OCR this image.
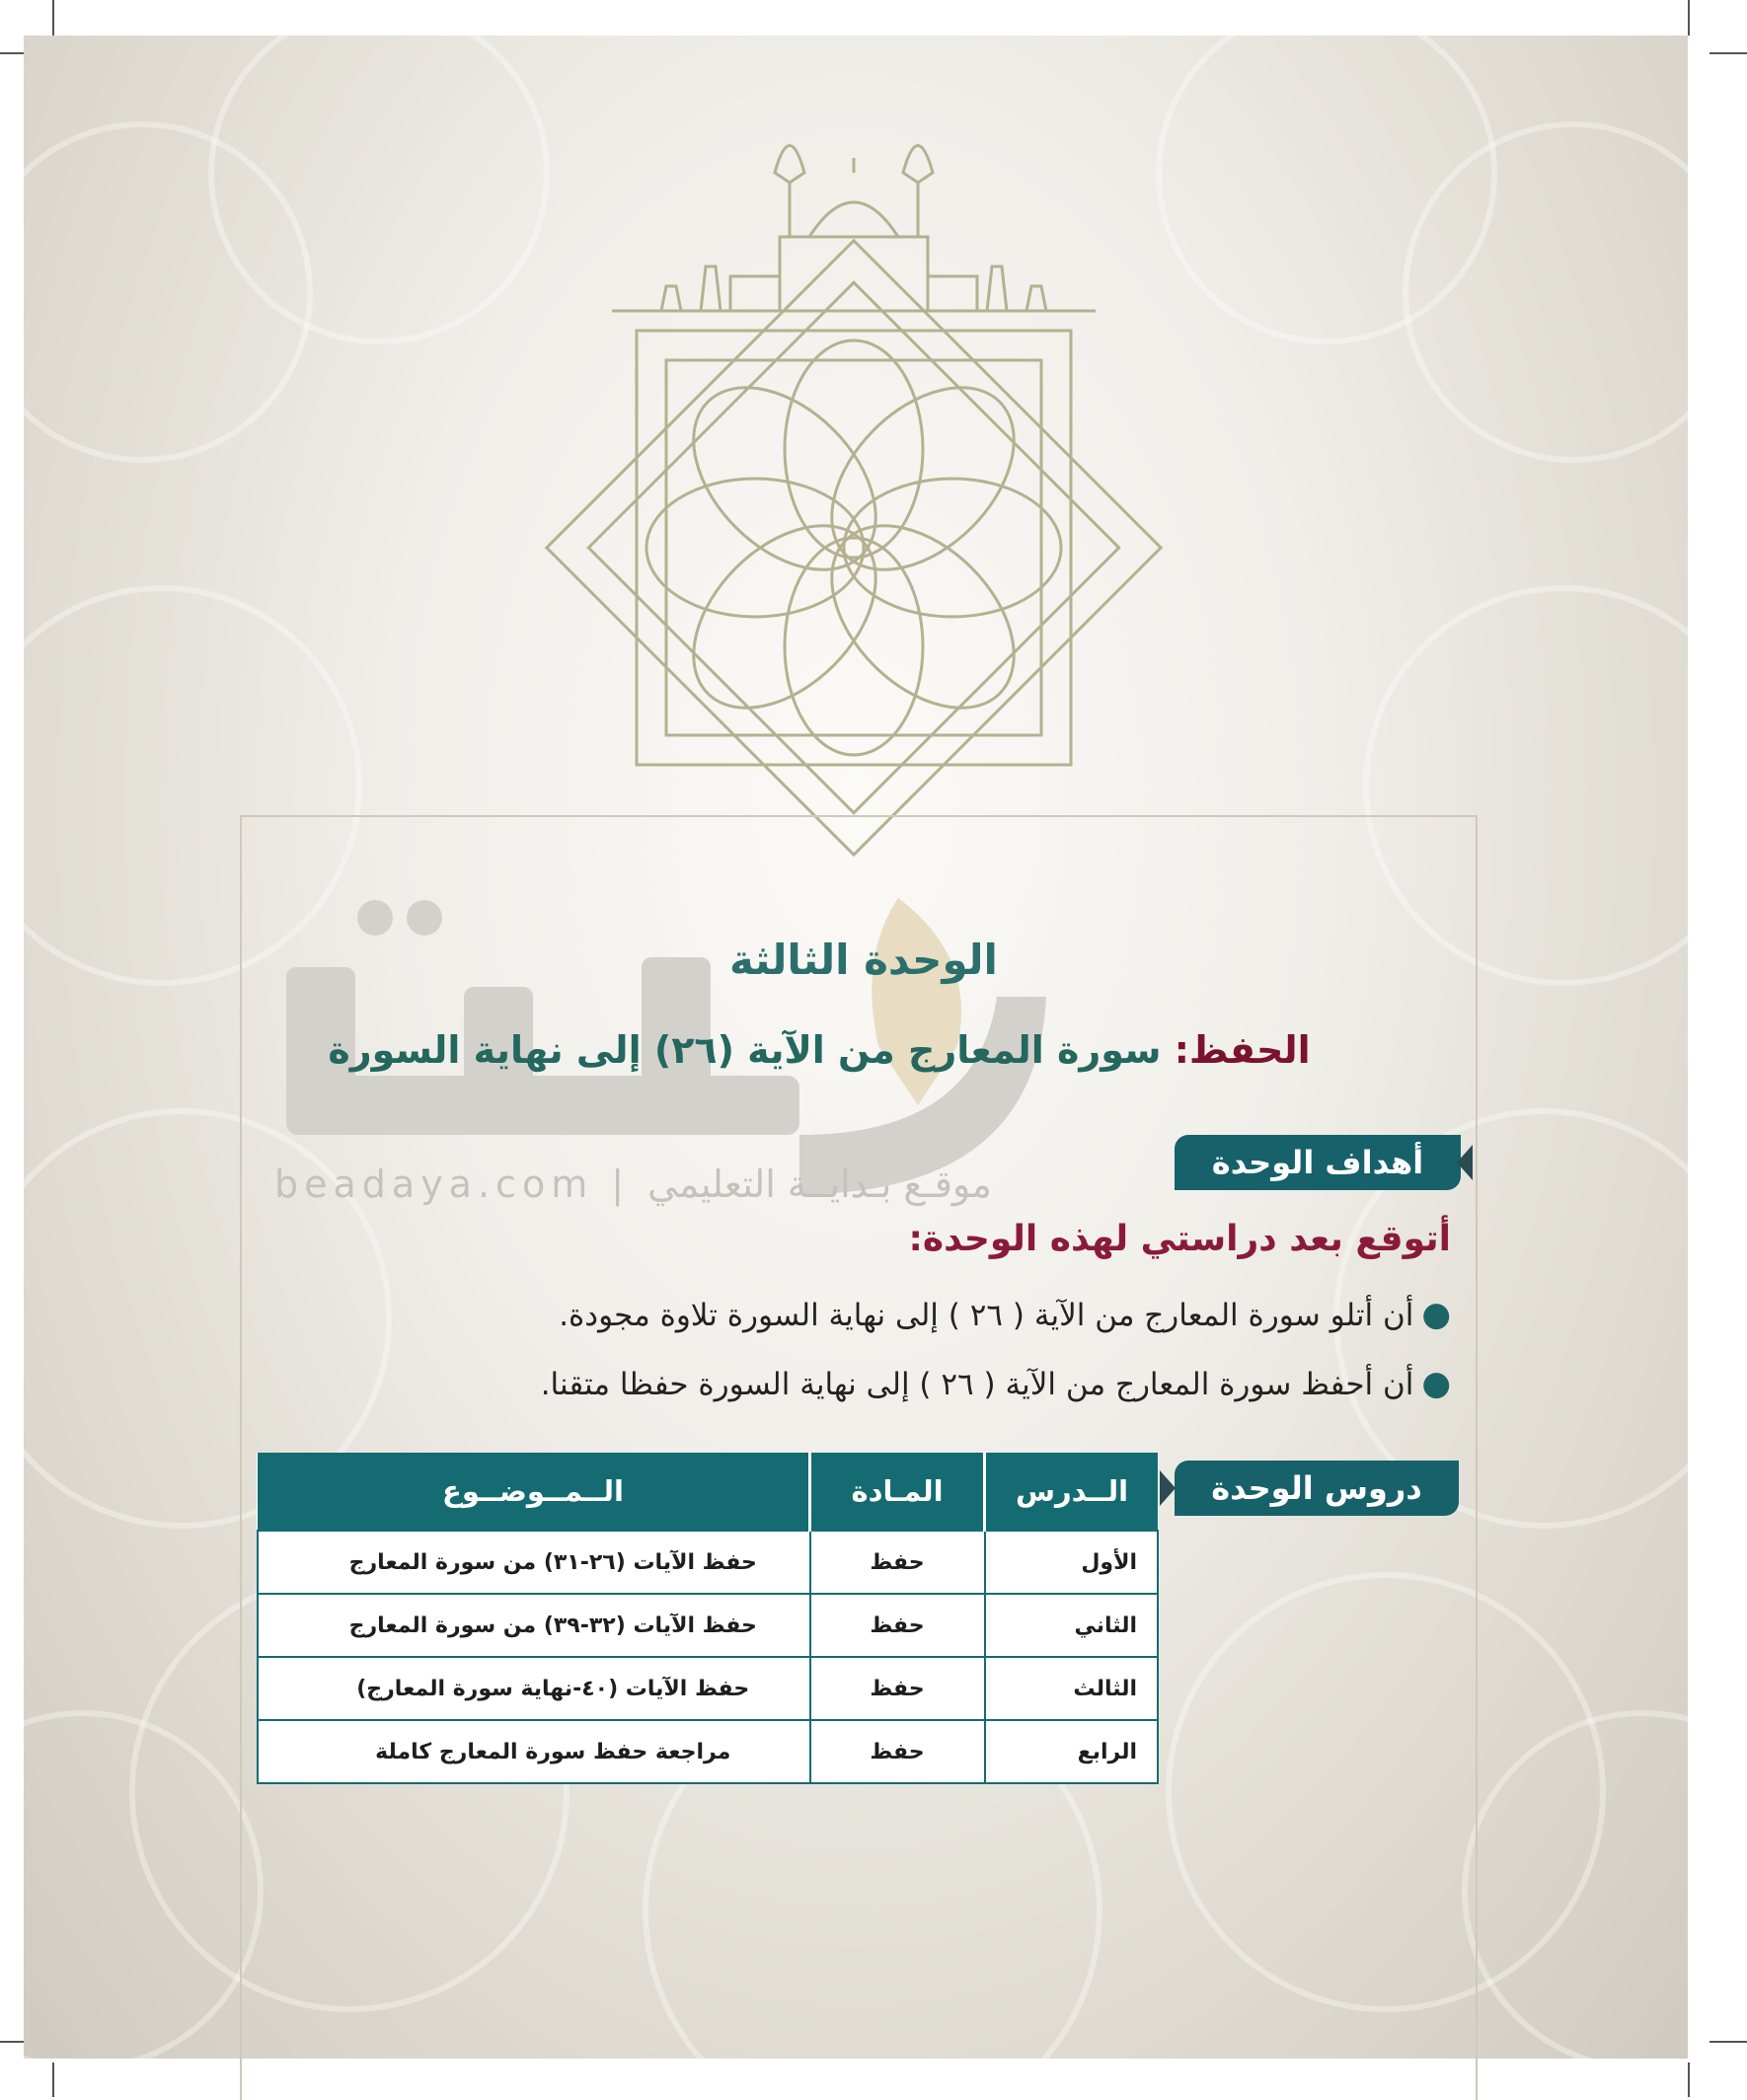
beadaya.com | موقـع بـدايــة التعليمي
الوحدة الثالثة
الحفظ: سورة المعارج من الآية (٢٦) إلى نهاية السورة
أهداف الوحدة
أتوقع بعد دراستي لهذه الوحدة:
●أن أتلو سورة المعارج من الآية ( ٢٦ ) إلى نهاية السورة تلاوة مجودة.
●أن أحفظ سورة المعارج من الآية ( ٢٦ ) إلى نهاية السورة حفظا متقنا.
دروس الوحدة
الــدرس	المـادة	الــمــوضــوع
الأول	حفظ	حفظ الآيات (٢٦-٣١) من سورة المعارج
الثاني	حفظ	حفظ الآيات (٣٢-٣٩) من سورة المعارج
الثالث	حفظ	حفظ الآيات (٤٠-نهاية سورة المعارج)
الرابع	حفظ	مراجعة حفظ سورة المعارج كاملة
